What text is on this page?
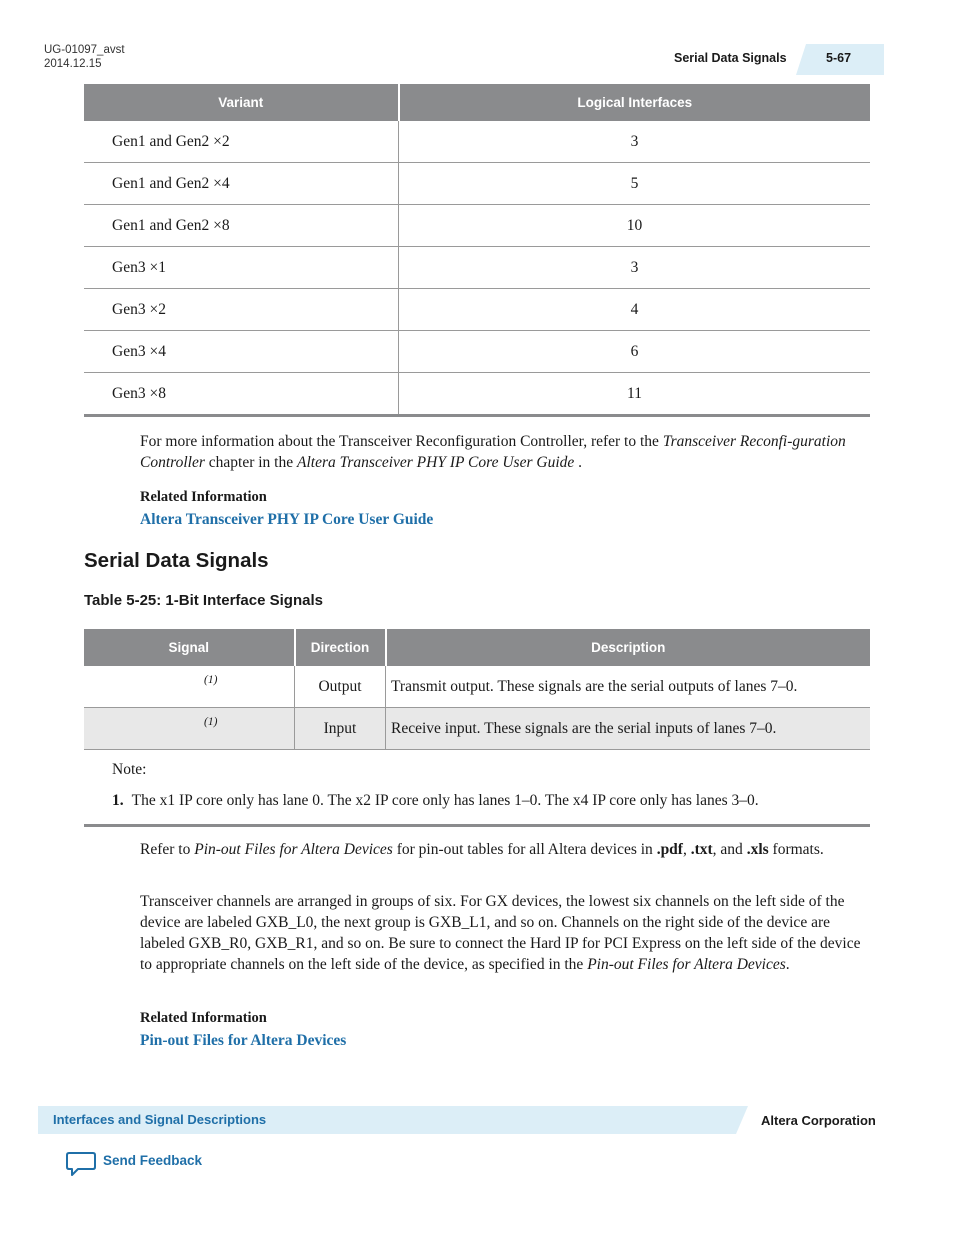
UG-01097_avst
2014.12.15	Serial Data Signals	5-67
Variant	Logical Interfaces
Gen1 and Gen2 ×2	3
Gen1 and Gen2 ×4	5
Gen1 and Gen2 ×8	10
Gen3 ×1	3
Gen3 ×2	4
Gen3 ×4	6
Gen3 ×8	11

For more information about the Transceiver Reconfiguration Controller, refer to the Transceiver Reconfi-guration Controller chapter in the Altera Transceiver PHY IP Core User Guide .

Related Information
Altera Transceiver PHY IP Core User Guide
Serial Data Signals
Table 5-25: 1-Bit Interface Signals
Signal	Direction	Description

(1)	Output	Transmit output. These signals are the serial outputs of lanes 7–0.

(1)	Input	Receive input. These signals are the serial inputs of lanes 7–0.
Note:
1. The x1 IP core only has lane 0. The x2 IP core only has lanes 1–0. The x4 IP core only has lanes 3–0.

Refer to Pin-out Files for Altera Devices for pin-out tables for all Altera devices in .pdf, .txt, and .xls formats.

Transceiver channels are arranged in groups of six. For GX devices, the lowest six channels on the left side of the device are labeled GXB_L0, the next group is GXB_L1, and so on. Channels on the right side of the device are labeled GXB_R0, GXB_R1, and so on. Be sure to connect the Hard IP for PCI Express on the left side of the device to appropriate channels on the left side of the device, as specified in the Pin-out Files for Altera Devices.

Related Information
Pin-out Files for Altera Devices
Interfaces and Signal Descriptions	Altera Corporation
Send Feedback
